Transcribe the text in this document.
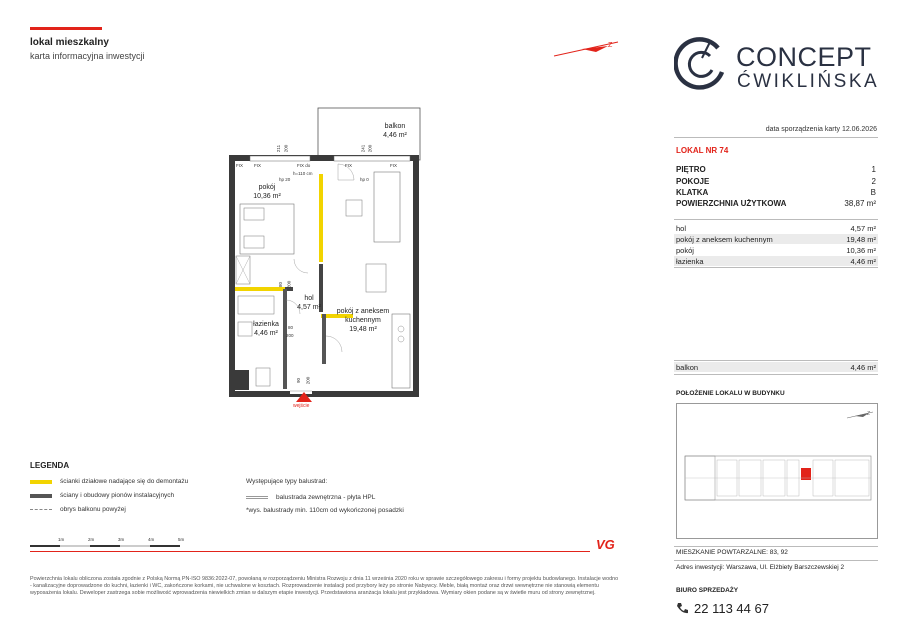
lokal mieszkalny
karta informacyjna inwestycji
Z
balkon
4,46 m²
pokój
10,36 m²
hol
4,57 m²
łazienka
4,46 m²
pokój z aneksem kuchennym
19,48 m²
FIX	FIX do	FIX	FIX
FIX
hp 20	hp 0
h=110 cm
200
211	200
241
80 200
90 200
80
200
wejście
CONCEPT
ĆWIKLIŃSKA
data sporządzenia karty 12.06.2026
LOKAL NR 74
PIĘTRO	1
POKOJE	2
KLATKA	B
POWIERZCHNIA UŻYTKOWA	38,87 m²
hol	4,57 m²
pokój z aneksem kuchennym	19,48 m²
pokój	10,36 m²
łazienka	4,46 m²
balkon	4,46 m²
POŁOŻENIE LOKALU W BUDYNKU
Z
MIESZKANIE POWTARZALNE: 83, 92
Adres inwestycji: Warszawa, Ul. Elżbiety Barszczewskiej 2
BIURO SPRZEDAŻY
22 113 44 67
LEGENDA
ścianki działowe nadające się do demontażu
ściany i obudowy pionów instalacyjnych
obrys balkonu powyżej
Występujące typy balustrad:
balustrada zewnętrzna - płyta HPL
*wys. balustrady min. 110cm od wykończonej posadzki
1m	2m	3m	4m	5m	VG
Powierzchnia lokalu obliczona została zgodnie z Polską Normą PN-ISO 9836:2022-07, powołaną w rozporządzeniu Ministra Rozwoju z dnia 11 września 2020 roku w sprawie szczegółowego zakresu i formy projektu budowlanego. Instalacje wodno - kanalizacyjne doprowadzone do kuchni, łazienki i WC, zakończone korkami, nie uchwalone w kosztach. Rozprowadzenie instalacji pod przybory leży po stronie Nabywcy. Meble, białą montaż oraz drzwi wewnętrzne nie stanowią elementu wyposażenia lokalu. Deweloper zastrzega sobie możliwość wprowadzenia niewielkich zmian w dalszym etapie inwestycji. Przedstawiona aranżacja lokalu jest przykładowa. Wymiary okien podane są w świetle muru od strony zewnętrznej.
